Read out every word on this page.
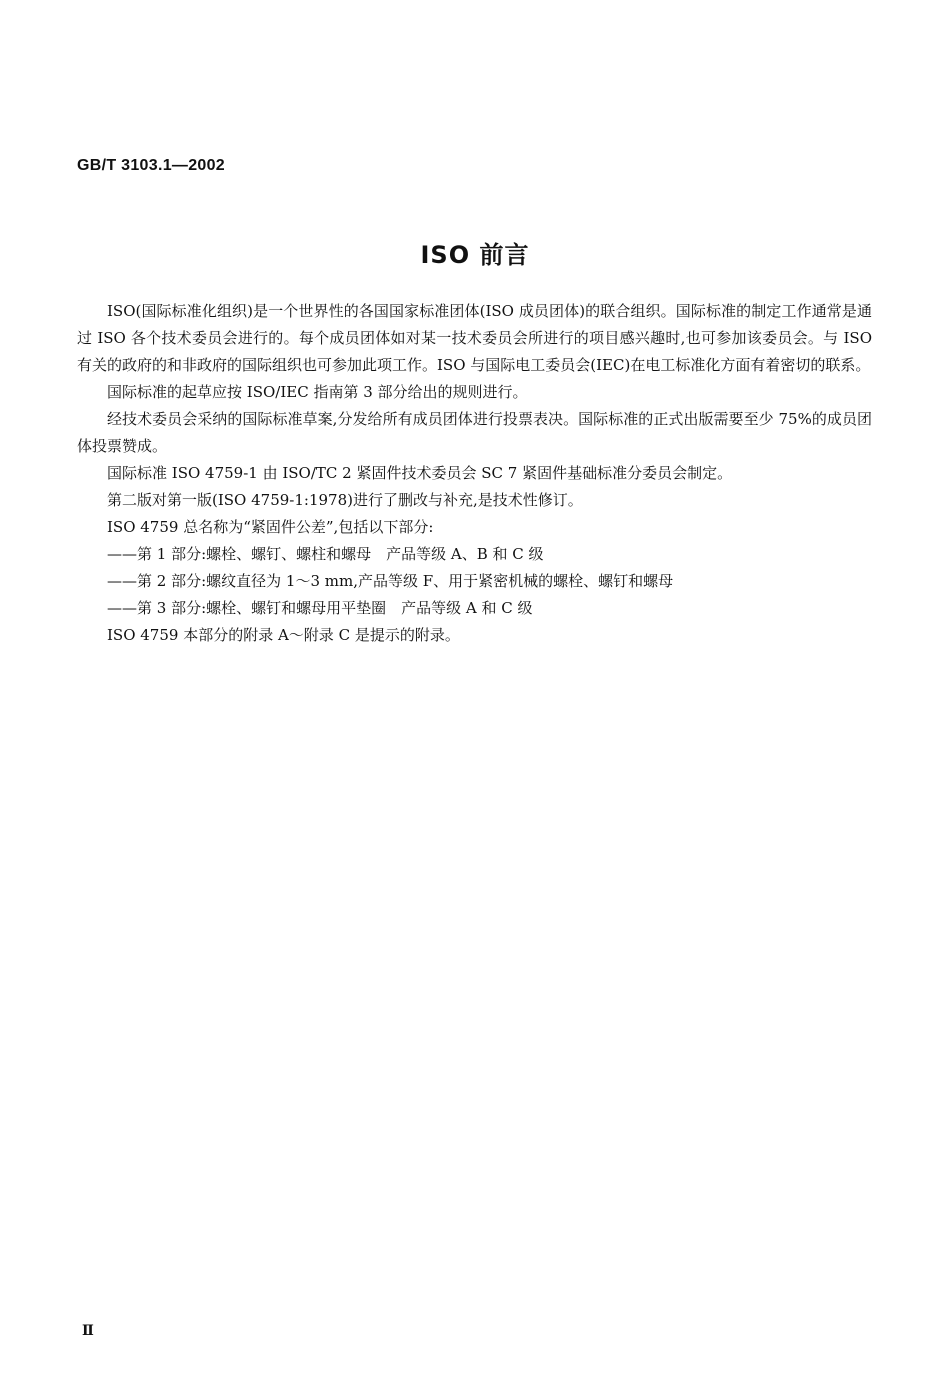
GB/T 3103.1—2002
ISO 前言

ISO(国际标准化组织)是一个世界性的各国国家标准团体(ISO 成员团体)的联合组织。国际标准的制定工作通常是通过 ISO 各个技术委员会进行的。每个成员团体如对某一技术委员会所进行的项目感兴趣时,也可参加该委员会。与 ISO 有关的政府的和非政府的国际组织也可参加此项工作。ISO 与国际电工委员会(IEC)在电工标准化方面有着密切的联系。

国际标准的起草应按 ISO/IEC 指南第 3 部分给出的规则进行。

经技术委员会采纳的国际标准草案,分发给所有成员团体进行投票表决。国际标准的正式出版需要至少 75%的成员团体投票赞成。

国际标准 ISO 4759-1 由 ISO/TC 2 紧固件技术委员会 SC 7 紧固件基础标准分委员会制定。

第二版对第一版(ISO 4759-1:1978)进行了删改与补充,是技术性修订。

ISO 4759 总名称为“紧固件公差”,包括以下部分:

——第 1 部分:螺栓、螺钉、螺柱和螺母　产品等级 A、B 和 C 级

——第 2 部分:螺纹直径为 1～3 mm,产品等级 F、用于紧密机械的螺栓、螺钉和螺母

——第 3 部分:螺栓、螺钉和螺母用平垫圈　产品等级 A 和 C 级

ISO 4759 本部分的附录 A～附录 C 是提示的附录。

Ⅱ
